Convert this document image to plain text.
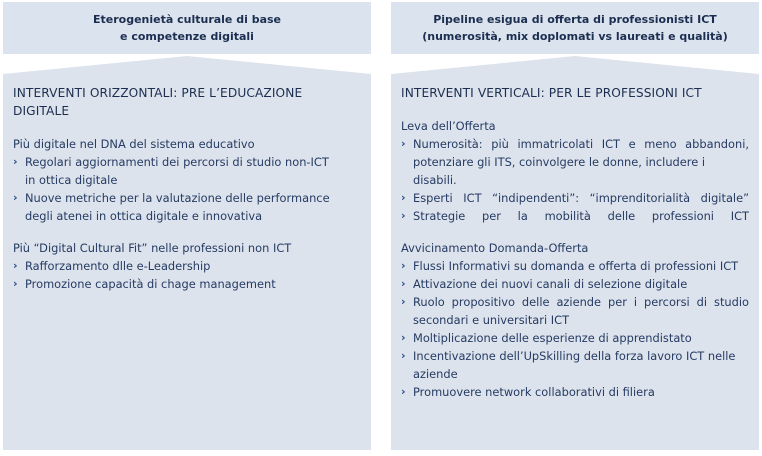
Eterogenietà culturale di base
e competenze digitali
INTERVENTI ORIZZONTALI: PRE L’EDUCAZIONE DIGITALE
Più digitale nel DNA del sistema educativo
› Regolari aggiornamenti dei percorsi di studio non-ICT
in ottica digitale
› Nuove metriche per la valutazione delle performance
degli atenei in ottica digitale e innovativa
Più “Digital Cultural Fit” nelle professioni non ICT
› Rafforzamento dlle e-Leadership
› Promozione capacità di chage management
Pipeline esigua di offerta di professionisti ICT
(numerosità, mix doplomati vs laureati e qualità)
INTERVENTI VERTICALI: PER LE PROFESSIONI ICT
Leva dell’Offerta
› Numerosità: più immatricolati ICT e meno abbandoni,
potenziare gli ITS, coinvolgere le donne, includere i disabili.
› Esperti ICT “indipendenti”: “imprenditorialità digitale”
› Strategie per la mobilità delle professioni ICT
Avvicinamento Domanda-Offerta
› Flussi Informativi su domanda e offerta di professioni ICT
› Attivazione dei nuovi canali di selezione digitale
› Ruolo propositivo delle aziende per i percorsi di studio
secondari e universitari ICT
› Moltiplicazione delle esperienze di apprendistato
› Incentivazione dell’UpSkilling della forza lavoro ICT nelle
aziende
› Promuovere network collaborativi di filiera
